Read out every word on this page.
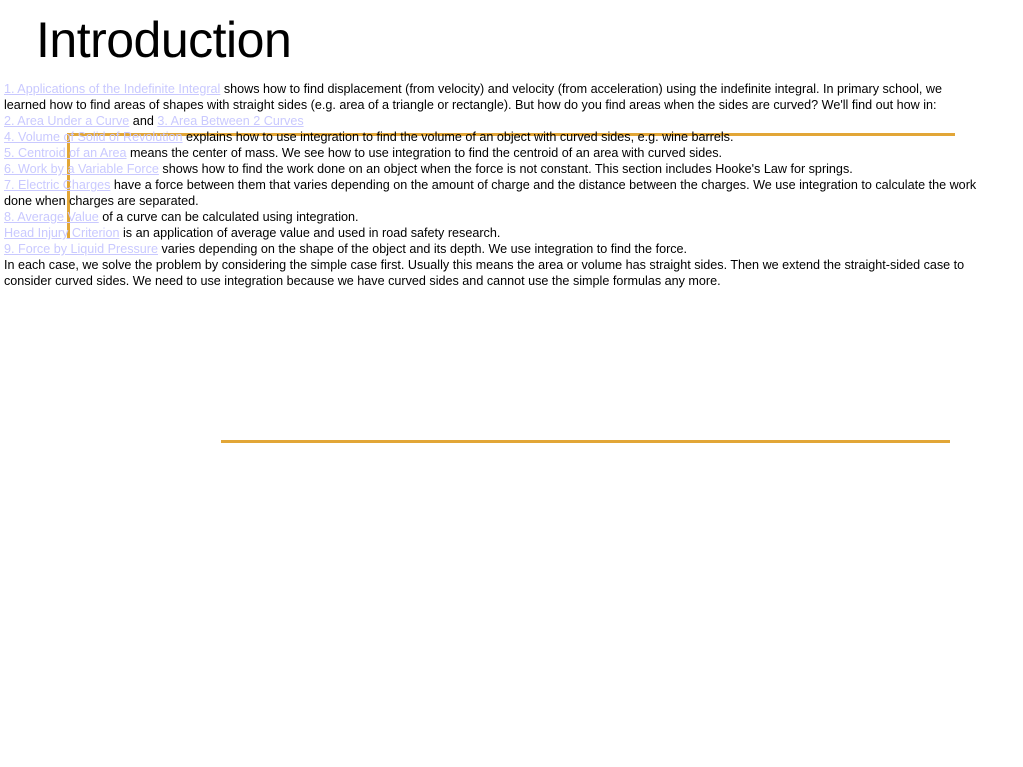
Introduction
1. Applications of the Indefinite Integral shows how to find displacement (from velocity) and velocity (from acceleration) using the indefinite integral. In primary school, we learned how to find areas of shapes with straight sides (e.g. area of a triangle or rectangle). But how do you find areas when the sides are curved? We'll find out how in:
2. Area Under a Curve and 3. Area Between 2 Curves
4. Volume of Solid of Revolution explains how to use integration to find the volume of an object with curved sides, e.g. wine barrels.
5. Centroid of an Area means the center of mass. We see how to use integration to find the centroid of an area with curved sides.
6. Work by a Variable Force shows how to find the work done on an object when the force is not constant. This section includes Hooke's Law for springs.
7. Electric Charges have a force between them that varies depending on the amount of charge and the distance between the charges. We use integration to calculate the work done when charges are separated.
8. Average Value of a curve can be calculated using integration.
Head Injury Criterion is an application of average value and used in road safety research.
9. Force by Liquid Pressure varies depending on the shape of the object and its depth. We use integration to find the force.
In each case, we solve the problem by considering the simple case first. Usually this means the area or volume has straight sides. Then we extend the straight-sided case to consider curved sides. We need to use integration because we have curved sides and cannot use the simple formulas any more.
